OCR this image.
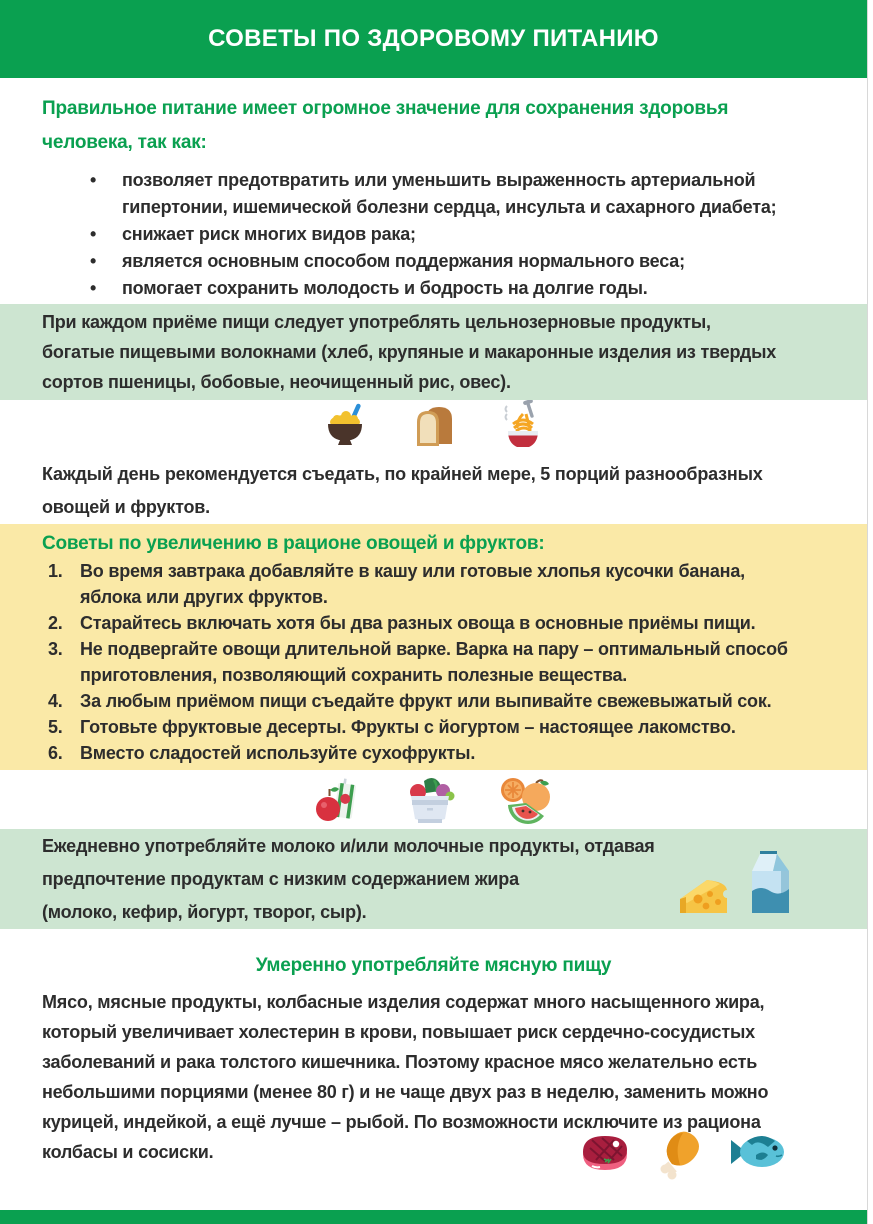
СОВЕТЫ ПО ЗДОРОВОМУ ПИТАНИЮ

Правильное питание имеет огромное значение для сохранения здоровья
человека, так как:

•	позволяет предотвратить или уменьшить выраженность артериальной
гипертонии, ишемической болезни сердца, инсульта и сахарного диабета;
•	снижает риск многих видов рака;
•	является основным способом поддержания нормального веса;
•	помогает сохранить молодость и бодрость на долгие годы.

При каждом приёме пищи следует употреблять цельнозерновые продукты,
богатые пищевыми волокнами (хлеб, крупяные и макаронные изделия из твердых
сортов пшеницы, бобовые, неочищенный рис, овес).

Каждый день рекомендуется съедать, по крайней мере, 5 порций разнообразных
овощей и фруктов.

Советы по увеличению в рационе овощей и фруктов:

1. Во время завтрака добавляйте в кашу или готовые хлопья кусочки банана,
яблока или других фруктов.
2. Старайтесь включать хотя бы два разных овоща в основные приёмы пищи.
3. Не подвергайте овощи длительной варке. Варка на пару – оптимальный способ
приготовления, позволяющий сохранить полезные вещества.
4. За любым приёмом пищи съедайте фрукт или выпивайте свежевыжатый сок.
5. Готовьте фруктовые десерты. Фрукты с йогуртом – настоящее лакомство.
6. Вместо сладостей используйте сухофрукты.

Ежедневно употребляйте молоко и/или молочные продукты, отдавая
предпочтение продуктам с низким содержанием жира
(молоко, кефир, йогурт, творог, сыр).

Умеренно употребляйте мясную пищу

Мясо, мясные продукты, колбасные изделия содержат много насыщенного жира,
который увеличивает холестерин в крови, повышает риск сердечно-сосудистых
заболеваний и рака толстого кишечника. Поэтому красное мясо желательно есть
небольшими порциями (менее 80 г) и не чаще двух раз в неделю, заменить можно
курицей, индейкой, а ещё лучше – рыбой. По возможности исключите из рациона
колбасы и сосиски.
